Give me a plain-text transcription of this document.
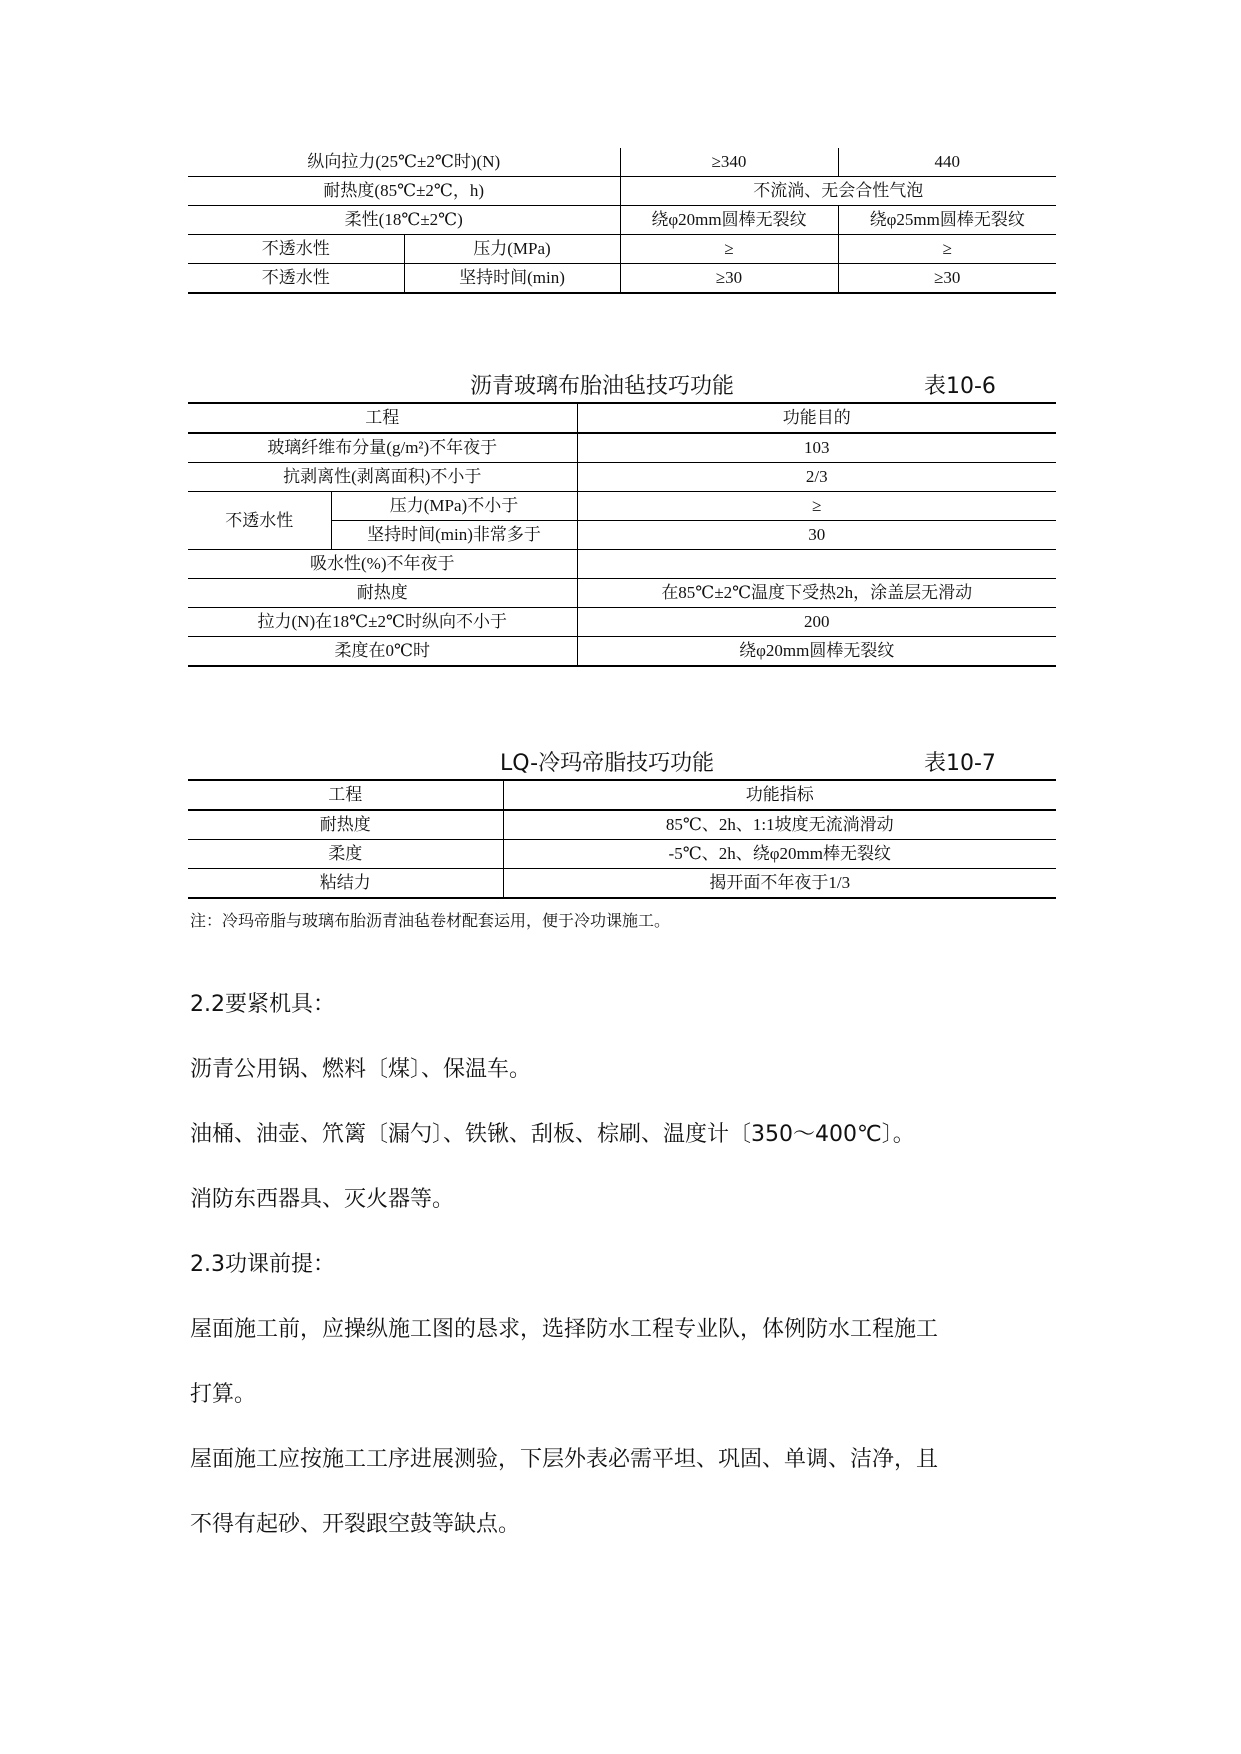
纵向拉力(25℃±2℃时)(N)		≥340	440
耐热度(85℃±2℃，h)		不流淌、无会合性气泡	
柔性(18℃±2℃)		绕φ20mm圆棒无裂纹	绕φ25mm圆棒无裂纹
不透水性	压力(MPa)	≥	≥
不透水性	坚持时间(min)	≥30	≥30
沥青玻璃布胎油毡技巧功能	表10-6
工程		功能目的
玻璃纤维布分量(g/m²)不年夜于		103
抗剥离性(剥离面积)不小于		2/3
不透水性	压力(MPa)不小于	≥
	坚持时间(min)非常多于	30
吸水性(%)不年夜于		
耐热度		在85℃±2℃温度下受热2h，涂盖层无滑动
拉力(N)在18℃±2℃时纵向不小于		200
柔度在0℃时		绕φ20mm圆棒无裂纹
LQ-冷玛帝脂技巧功能	表10-7
工程	功能指标
耐热度	85℃、2h、1:1坡度无流淌滑动
柔度	-5℃、2h、绕φ20mm棒无裂纹
粘结力	揭开面不年夜于1/3
注：冷玛帝脂与玻璃布胎沥青油毡卷材配套运用，便于冷功课施工。
2.2要紧机具：
沥青公用锅、燃料〔煤〕、保温车。
油桶、油壶、笊篱〔漏勺〕、铁锹、刮板、棕刷、温度计〔350～400℃〕。
消防东西器具、灭火器等。
2.3功课前提：
屋面施工前，应操纵施工图的恳求，选择防水工程专业队，体例防水工程施工
打算。
屋面施工应按施工工序进展测验，下层外表必需平坦、巩固、单调、洁净，且
不得有起砂、开裂跟空鼓等缺点。
